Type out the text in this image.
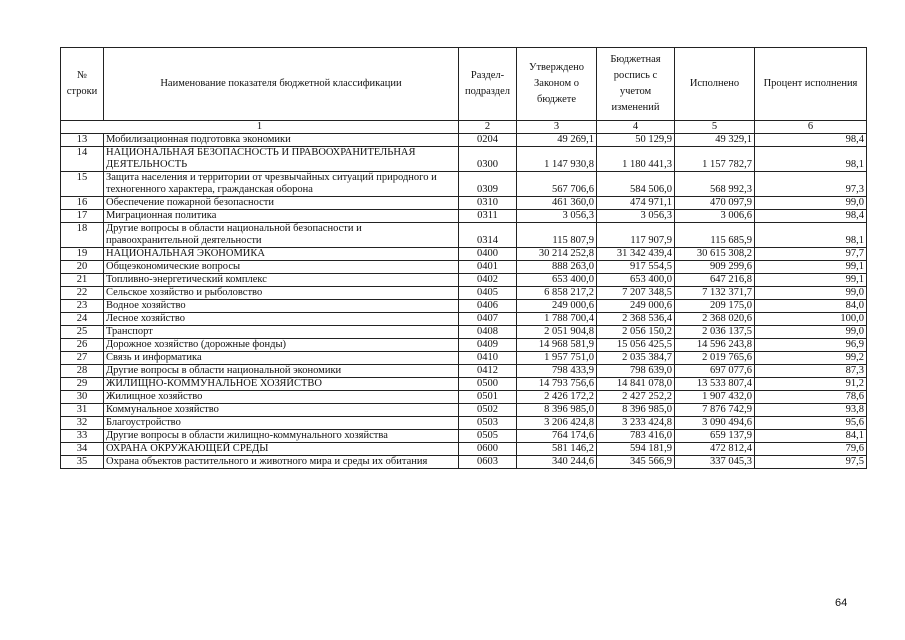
№ строки	Наименование показателя бюджетной классификации	Раздел-подраздел	Утверждено Законом о бюджете	Бюджетная роспись с учетом изменений	Исполнено	Процент исполнения
1		2	3	4	5	6
13	Мобилизационная подготовка экономики	0204	49 269,1	50 129,9	49 329,1	98,4
14	НАЦИОНАЛЬНАЯ БЕЗОПАСНОСТЬ И ПРАВООХРАНИТЕЛЬНАЯ ДЕЯТЕЛЬНОСТЬ	0300	1 147 930,8	1 180 441,3	1 157 782,7	98,1
15	Защита населения и территории от чрезвычайных ситуаций природного и техногенного характера, гражданская оборона	0309	567 706,6	584 506,0	568 992,3	97,3
16	Обеспечение пожарной безопасности	0310	461 360,0	474 971,1	470 097,9	99,0
17	Миграционная политика	0311	3 056,3	3 056,3	3 006,6	98,4
18	Другие вопросы в области национальной безопасности и правоохранительной деятельности	0314	115 807,9	117 907,9	115 685,9	98,1
19	НАЦИОНАЛЬНАЯ ЭКОНОМИКА	0400	30 214 252,8	31 342 439,4	30 615 308,2	97,7
20	Общеэкономические вопросы	0401	888 263,0	917 554,5	909 299,6	99,1
21	Топливно-энергетический комплекс	0402	653 400,0	653 400,0	647 216,8	99,1
22	Сельское хозяйство и рыболовство	0405	6 858 217,2	7 207 348,5	7 132 371,7	99,0
23	Водное хозяйство	0406	249 000,6	249 000,6	209 175,0	84,0
24	Лесное хозяйство	0407	1 788 700,4	2 368 536,4	2 368 020,6	100,0
25	Транспорт	0408	2 051 904,8	2 056 150,2	2 036 137,5	99,0
26	Дорожное хозяйство (дорожные фонды)	0409	14 968 581,9	15 056 425,5	14 596 243,8	96,9
27	Связь и информатика	0410	1 957 751,0	2 035 384,7	2 019 765,6	99,2
28	Другие вопросы в области национальной экономики	0412	798 433,9	798 639,0	697 077,6	87,3
29	ЖИЛИЩНО-КОММУНАЛЬНОЕ ХОЗЯЙСТВО	0500	14 793 756,6	14 841 078,0	13 533 807,4	91,2
30	Жилищное хозяйство	0501	2 426 172,2	2 427 252,2	1 907 432,0	78,6
31	Коммунальное хозяйство	0502	8 396 985,0	8 396 985,0	7 876 742,9	93,8
32	Благоустройство	0503	3 206 424,8	3 233 424,8	3 090 494,6	95,6
33	Другие вопросы в области жилищно-коммунального хозяйства	0505	764 174,6	783 416,0	659 137,9	84,1
34	ОХРАНА ОКРУЖАЮЩЕЙ СРЕДЫ	0600	581 146,2	594 181,9	472 812,4	79,6
35	Охрана объектов растительного и животного мира и среды их обитания	0603	340 244,6	345 566,9	337 045,3	97,5
64
